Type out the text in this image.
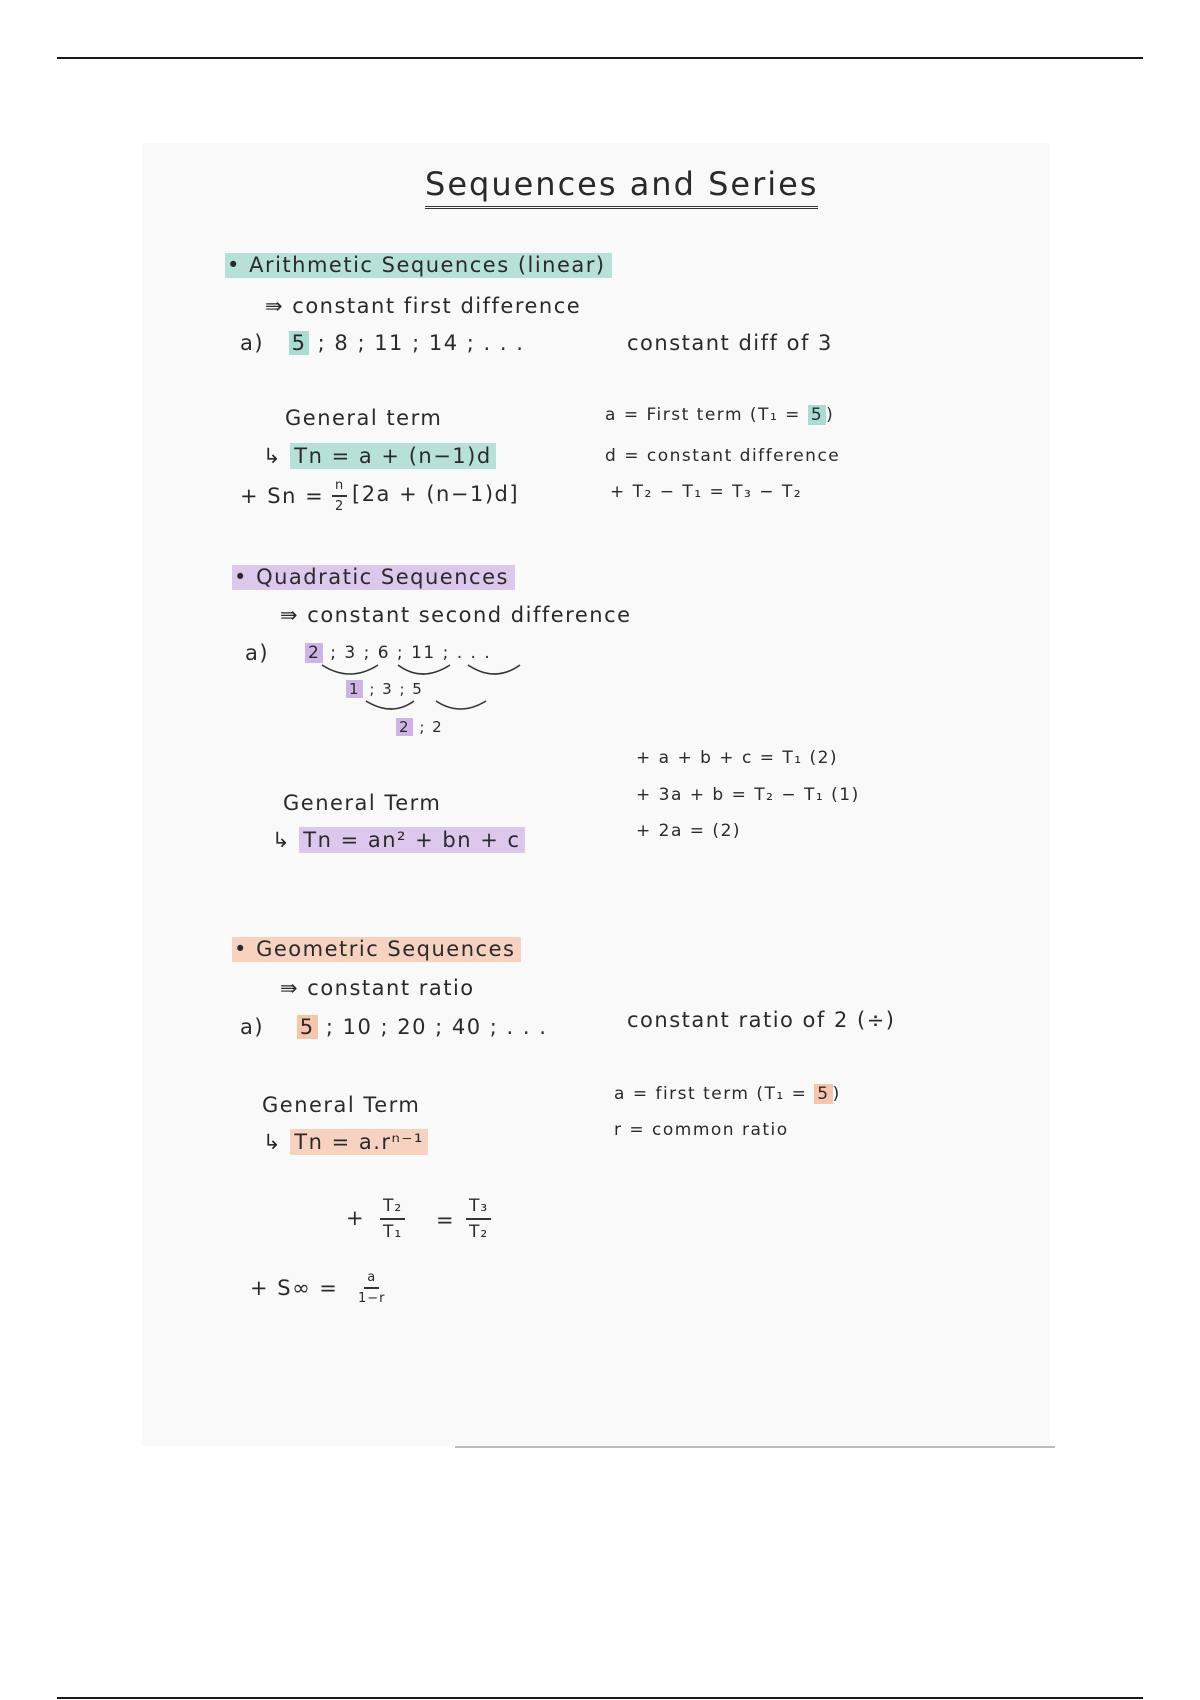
Sequences and Series
• Arithmetic Sequences (linear)
⇛ constant first difference
a) 5 ; 8 ; 11 ; 14 ; . . .	constant diff of 3
General term
↳ Tn = a + (n−1)d
+ $Sn = \frac{n}{2} [2a + (n-1)d]$
a = First term (T₁ = 5 )
d = constant difference
+ T₂ − T₁ = T₃ − T₂
• Quadratic Sequences
⇛ constant second difference
a) 2 ; 3 ; 6 ; 11 ; . . .
1 ; 3 ; 5
2 ; 2
General Term
↳ Tn = an² + bn + c
+ a + b + c = T₁ (2)
+ 3a + b = T₂ − T₁ (1)
+ 2a = (2)
• Geometric Sequences
⇛ constant ratio
a) 5 ; 10 ; 20 ; 40 ; . . .	constant ratio of 2 (÷)
General Term
↳ Tn = a.rⁿ⁻¹
a = first term (T₁ = 5 )
r = common ratio
+ $\frac{\text{T₂}}{\text{T₁}} = \frac{\text{T₃}}{\text{T₂}}$
+ $S\infty = \frac{a}{1-r}$
